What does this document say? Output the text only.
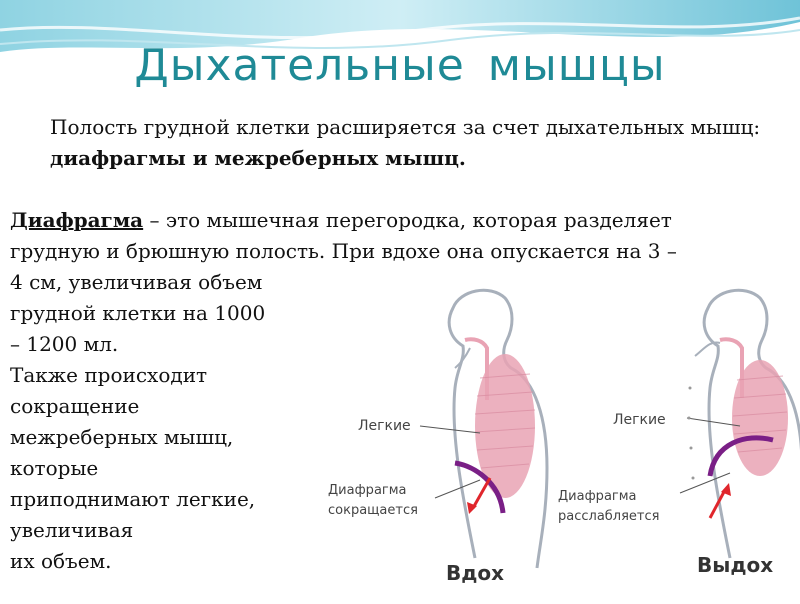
Дыхательные мышцы

Полость грудной клетки расширяется за счет дыхательных мышц: диафрагмы и межреберных мышц.

Диафрагма – это мышечная перегородка, которая разделяет

грудную и брюшную полость. При вдохе она опускается на 3 –

4 см, увеличивая объем

грудной клетки на 1000

– 1200 мл.

Также происходит

сокращение

межреберных мышц,

которые

приподнимают легкие,

увеличивая

их объем.

Легкие
Диафрагма
сокращается
Вдох
Легкие
Диафрагма
расслабляется
Выдох
